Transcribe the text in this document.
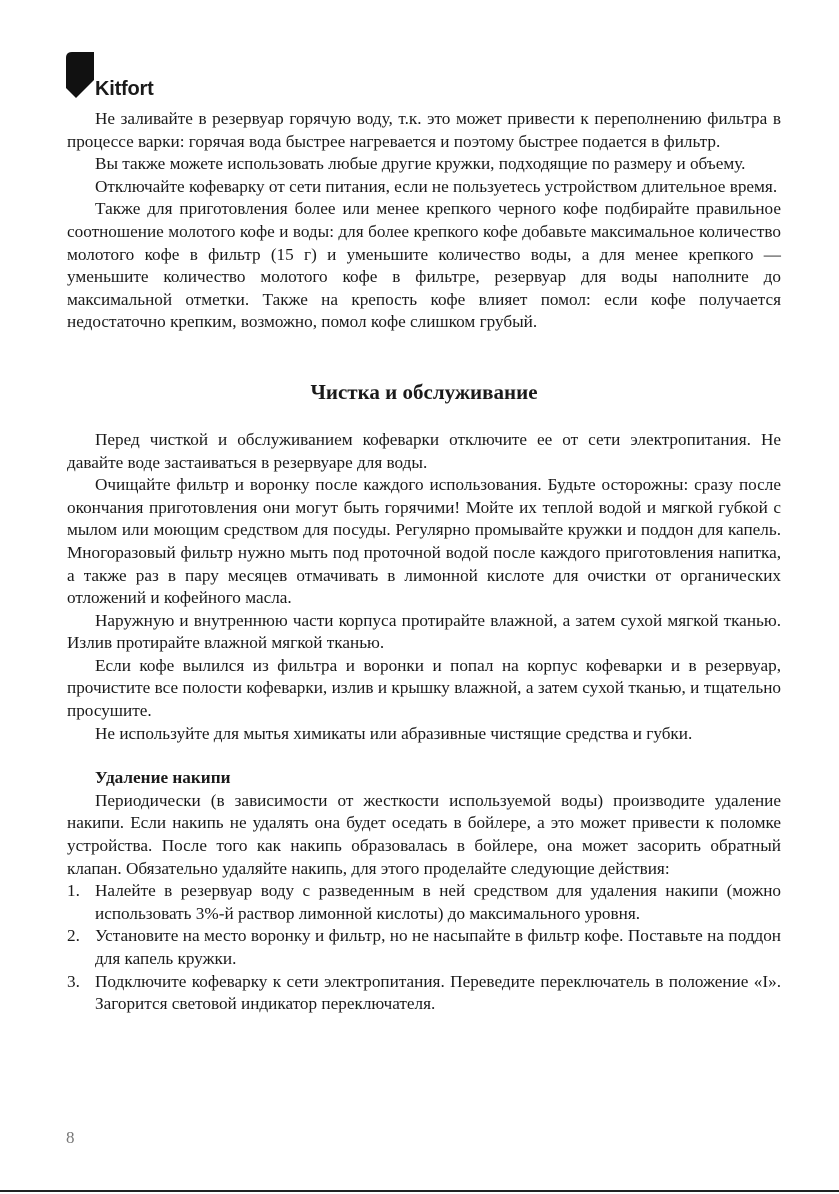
Kitfort

Не заливайте в резервуар горячую воду, т.к. это может привести к переполнению фильтра в процессе варки: горячая вода быстрее нагревается и поэтому быстрее подается в фильтр.

Вы также можете использовать любые другие кружки, подходящие по размеру и объему.

Отключайте кофеварку от сети питания, если не пользуетесь устройством длительное время.

Также для приготовления более или менее крепкого черного кофе подбирайте правильное соотношение молотого кофе и воды: для более крепкого кофе добавьте максимальное количество молотого кофе в фильтр (15 г) и уменьшите количество воды, а для менее крепкого — уменьшите количество молотого кофе в фильтре, резервуар для воды наполните до максимальной отметки. Также на крепость кофе влияет помол: если кофе получается недостаточно крепким, возможно, помол кофе слишком грубый.

Чистка и обслуживание

Перед чисткой и обслуживанием кофеварки отключите ее от сети электропитания. Не давайте воде застаиваться в резервуаре для воды.

Очищайте фильтр и воронку после каждого использования. Будьте осторожны: сразу после окончания приготовления они могут быть горячими! Мойте их теплой водой и мягкой губкой с мылом или моющим средством для посуды. Регулярно промывайте кружки и поддон для капель. Многоразовый фильтр нужно мыть под проточной водой после каждого приготовления напитка, а также раз в пару месяцев отмачивать в лимонной кислоте для очистки от органических отложений и кофейного масла.

Наружную и внутреннюю части корпуса протирайте влажной, а затем сухой мягкой тканью. Излив протирайте влажной мягкой тканью.

Если кофе вылился из фильтра и воронки и попал на корпус кофеварки и в резервуар, прочистите все полости кофеварки, излив и крышку влажной, а затем сухой тканью, и тщательно просушите.

Не используйте для мытья химикаты или абразивные чистящие средства и губки.

Удаление накипи

Периодически (в зависимости от жесткости используемой воды) производите удаление накипи. Если накипь не удалять она будет оседать в бойлере, а это может привести к поломке устройства. После того как накипь образовалась в бойлере, она может засорить обратный клапан. Обязательно удаляйте накипь, для этого проделайте следующие действия:

1. Налейте в резервуар воду с разведенным в ней средством для удаления накипи (можно использовать 3%-й раствор лимонной кислоты) до максимального уровня.
2. Установите на место воронку и фильтр, но не насыпайте в фильтр кофе. Поставьте на поддон для капель кружки.
3. Подключите кофеварку к сети электропитания. Переведите переключатель в положение «I». Загорится световой индикатор переключателя.
8
